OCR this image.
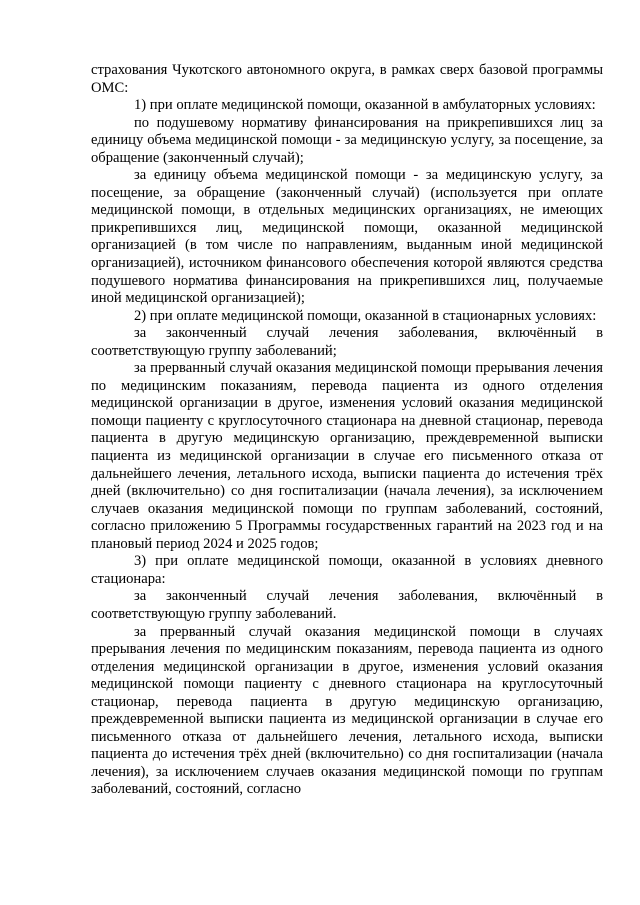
страхования Чукотского автономного округа, в рамках сверх базовой программы ОМС:

1) при оплате медицинской помощи, оказанной в амбулаторных условиях:

по подушевому нормативу финансирования на прикрепившихся лиц за единицу объема медицинской помощи - за медицинскую услугу, за посещение, за обращение (законченный случай);

за единицу объема медицинской помощи - за медицинскую услугу, за посещение, за обращение (законченный случай) (используется при оплате медицинской помощи, в отдельных медицинских организациях, не имеющих прикрепившихся лиц, медицинской помощи, оказанной медицинской организацией (в том числе по направлениям, выданным иной медицинской организацией), источником финансового обеспечения которой являются средства подушевого норматива финансирования на прикрепившихся лиц, получаемые иной медицинской организацией);

2) при оплате медицинской помощи, оказанной в стационарных условиях:

за законченный случай лечения заболевания, включённый в соответствующую группу заболеваний;

за прерванный случай оказания медицинской помощи прерывания лечения по медицинским показаниям, перевода пациента из одного отделения медицинской организации в другое, изменения условий оказания медицинской помощи пациенту с круглосуточного стационара на дневной стационар, перевода пациента в другую медицинскую организацию, преждевременной выписки пациента из медицинской организации в случае его письменного отказа от дальнейшего лечения, летального исхода, выписки пациента до истечения трёх дней (включительно) со дня госпитализации (начала лечения), за исключением случаев оказания медицинской помощи по группам заболеваний, состояний, согласно приложению 5 Программы государственных гарантий на 2023 год и на плановый период 2024 и 2025 годов;

3) при оплате медицинской помощи, оказанной в условиях дневного стационара:

за законченный случай лечения заболевания, включённый в соответствующую группу заболеваний.

за прерванный случай оказания медицинской помощи в случаях прерывания лечения по медицинским показаниям, перевода пациента из одного отделения медицинской организации в другое, изменения условий оказания медицинской помощи пациенту с дневного стационара на круглосуточный стационар, перевода пациента в другую медицинскую организацию, преждевременной выписки пациента из медицинской организации в случае его письменного отказа от дальнейшего лечения, летального исхода, выписки пациента до истечения трёх дней (включительно) со дня госпитализации (начала лечения), за исключением случаев оказания медицинской помощи по группам заболеваний, состояний, согласно
